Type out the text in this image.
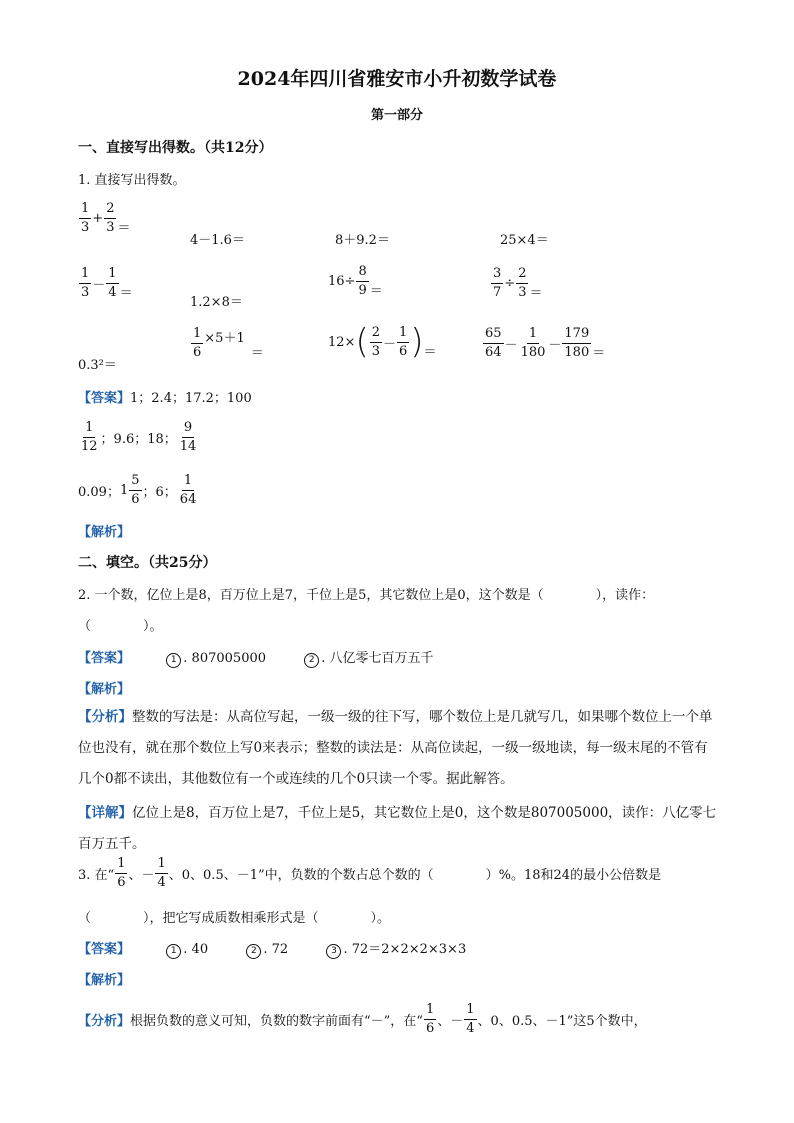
2024年四川省雅安市小升初数学试卷
第一部分
一、直接写出得数。（共12分）
1. 直接写出得数。
$\frac{1}{3} + \frac{2}{3}$ ＝
4－1.6＝	8＋9.2＝	25×4＝
$\frac{1}{3} - \frac{1}{4}$ ＝
1.2×8＝
$16\div \frac{8}{9}$ ＝	$\frac{3}{7} \div \frac{2}{3}$ ＝
0.3²＝
$\frac{1}{6} \times 5+1$
＝
12× ( $\frac{2}{3} - \frac{1}{6}$ ) ＝	$\frac{65}{64} - \frac{1}{180} - \frac{179}{180}$ ＝
【答案】1；2.4；17.2；100
$\frac{1}{12}$ ；9.6；18； $\frac{9}{14}$
0.09； $1 \frac{5}{6}$ ；6； $\frac{1}{64}$
【解析】
二、填空。（共25分）
2. 一个数，亿位上是8，百万位上是7，千位上是5，其它数位上是0，这个数是（　　　　），读作：
（　　　　）。
【答案】	1 . 807005000	2 . 八亿零七百万五千
【解析】
【分析】整数的写法是：从高位写起，一级一级的往下写，哪个数位上是几就写几，如果哪个数位上一个单位也没有，就在那个数位上写0来表示；整数的读法是：从高位读起，一级一级地读，每一级末尾的不管有几个0都不读出，其他数位有一个或连续的几个0只读一个零。据此解答。
【详解】亿位上是8，百万位上是7，千位上是5，其它数位上是0，这个数是807005000，读作：八亿零七百万五千。
3. 在“ $\frac{1}{6}$ 、－ $\frac{1}{4}$ 、0、0.5、－1”中，负数的个数占总个数的（　　　　）%。18和24的最小公倍数是
（　　　　），把它写成质数相乘形式是（　　　　）。
【答案】	1 . 40	2 . 72	3 . 72＝2×2×2×3×3
【解析】
【分析】 根据负数的意义可知，负数的数字前面有“－”，在“ $\frac{1}{6}$ 、－ $\frac{1}{4}$ 、0、0.5、－1”这5个数中，
